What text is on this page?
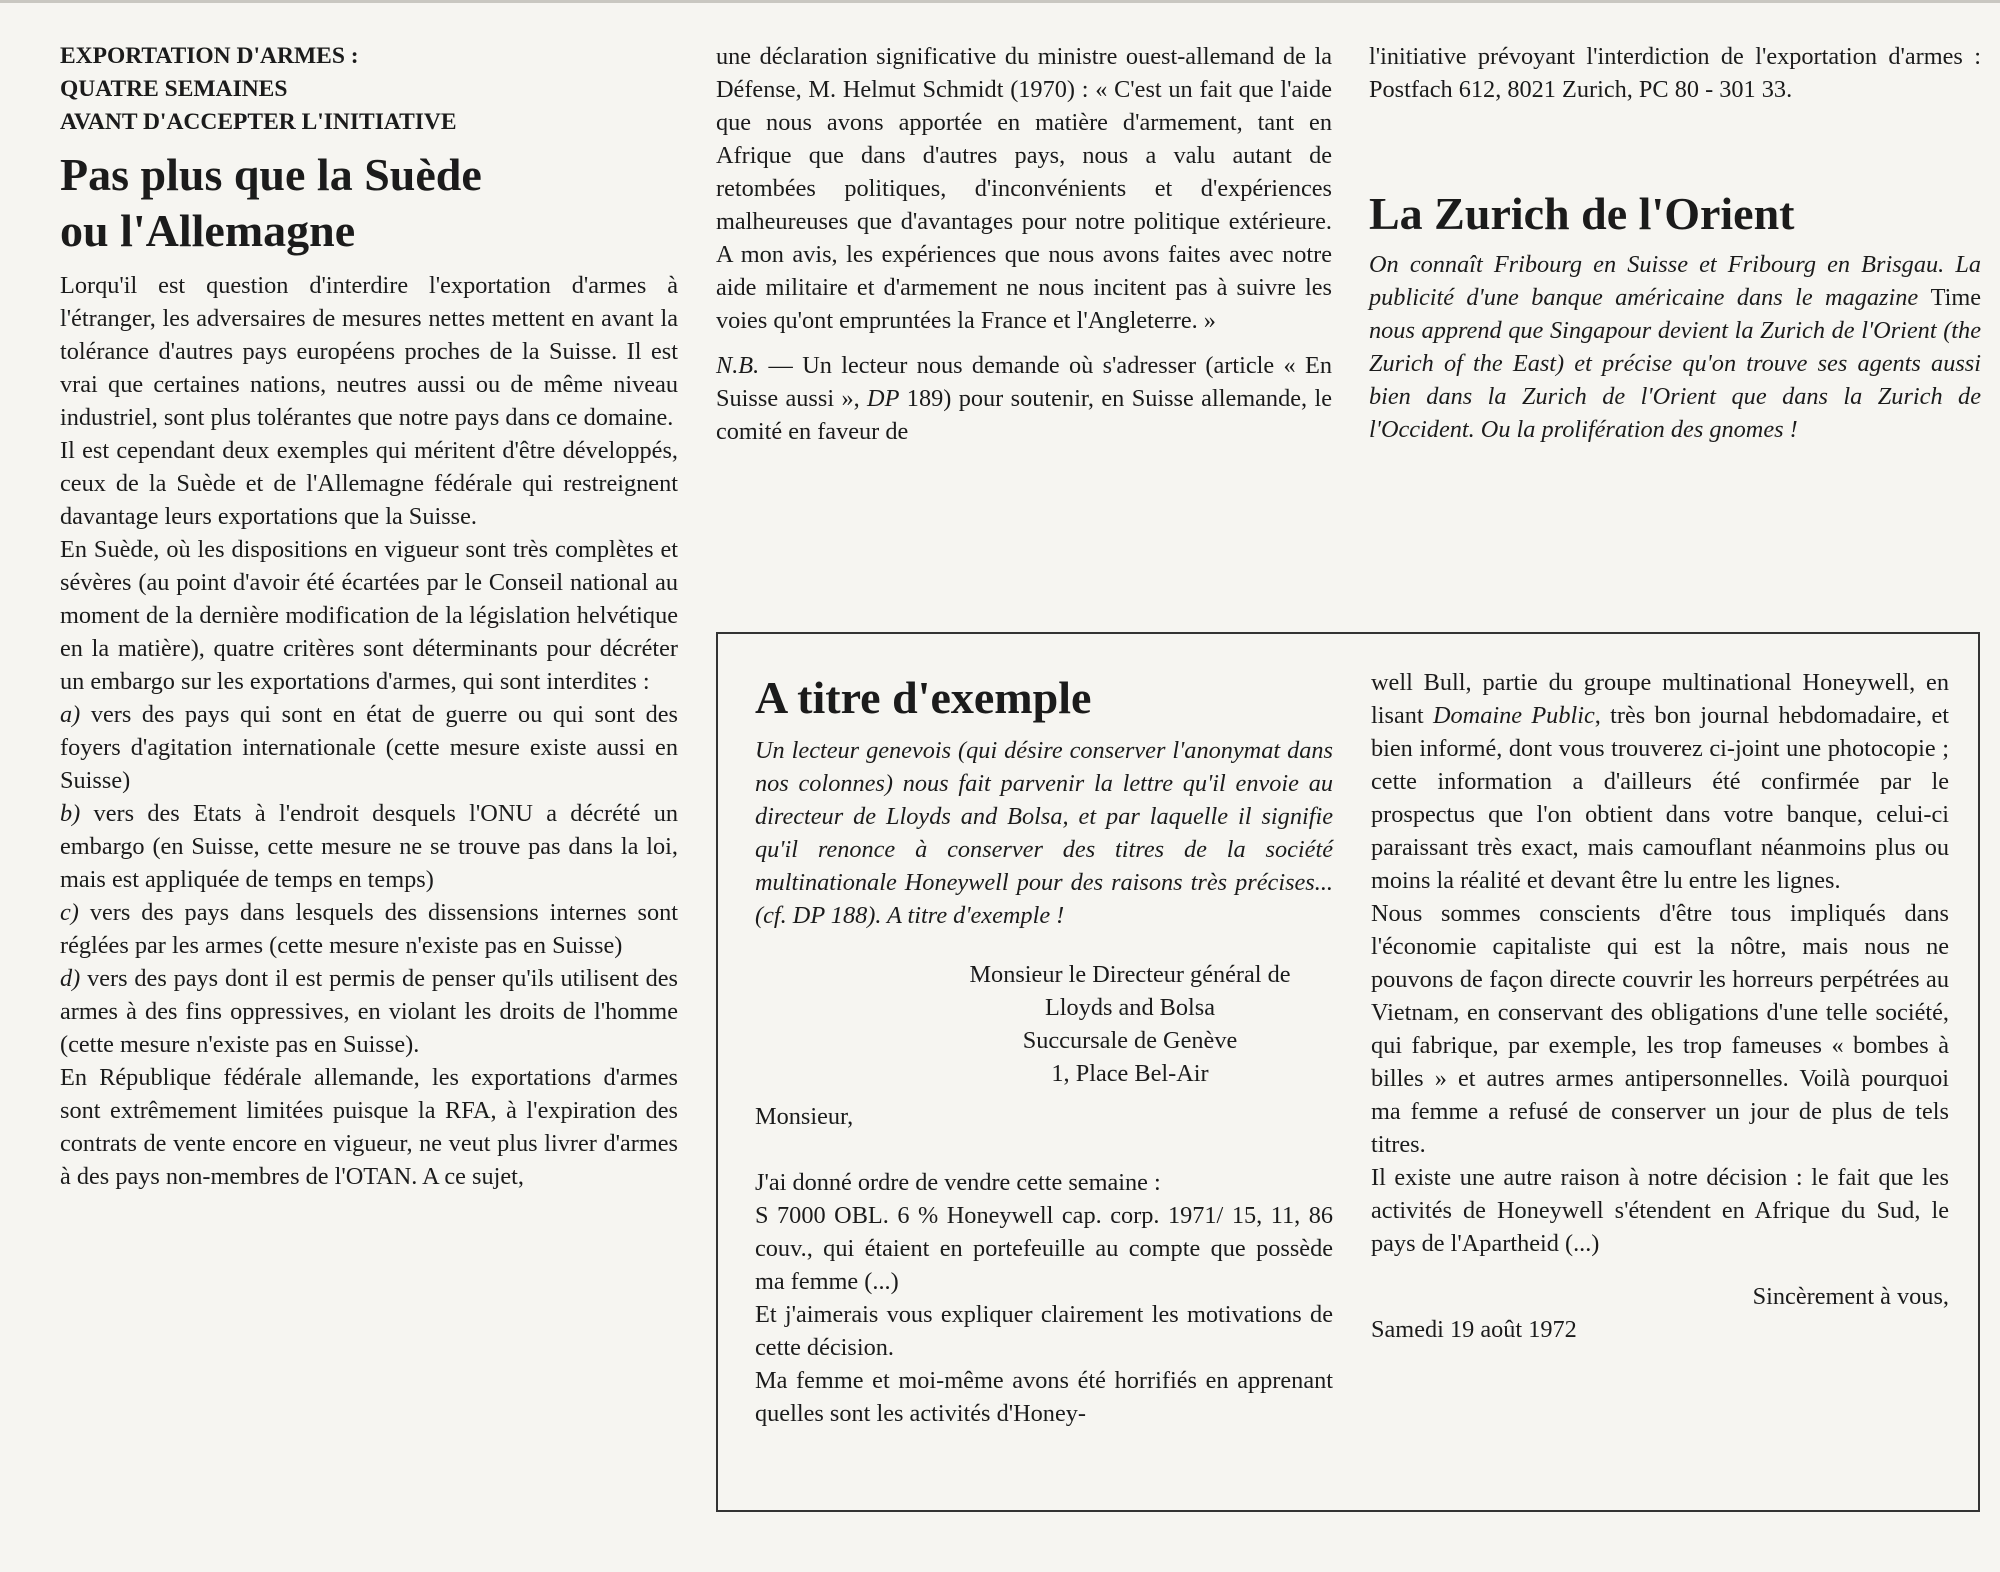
EXPORTATION D'ARMES :
QUATRE SEMAINES
AVANT D'ACCEPTER L'INITIATIVE
Pas plus que la Suède
ou l'Allemagne

Lorqu'il est question d'interdire l'exportation d'armes à l'étranger, les adversaires de mesures nettes mettent en avant la tolérance d'autres pays européens proches de la Suisse. Il est vrai que certaines nations, neutres aussi ou de même niveau industriel, sont plus tolérantes que notre pays dans ce domaine.

Il est cependant deux exemples qui méritent d'être développés, ceux de la Suède et de l'Allemagne fédérale qui restreignent davantage leurs exportations que la Suisse.

En Suède, où les dispositions en vigueur sont très complètes et sévères (au point d'avoir été écartées par le Conseil national au moment de la dernière modification de la législation helvétique en la matière), quatre critères sont déterminants pour décréter un embargo sur les exportations d'armes, qui sont interdites :

a) vers des pays qui sont en état de guerre ou qui sont des foyers d'agitation internationale (cette mesure existe aussi en Suisse)

b) vers des Etats à l'endroit desquels l'ONU a décrété un embargo (en Suisse, cette mesure ne se trouve pas dans la loi, mais est appliquée de temps en temps)

c) vers des pays dans lesquels des dissensions internes sont réglées par les armes (cette mesure n'existe pas en Suisse)

d) vers des pays dont il est permis de penser qu'ils utilisent des armes à des fins oppressives, en violant les droits de l'homme (cette mesure n'existe pas en Suisse).

En République fédérale allemande, les exportations d'armes sont extrêmement limitées puisque la RFA, à l'expiration des contrats de vente encore en vigueur, ne veut plus livrer d'armes à des pays non-membres de l'OTAN. A ce sujet,

une déclaration significative du ministre ouest-allemand de la Défense, M. Helmut Schmidt (1970) : « C'est un fait que l'aide que nous avons apportée en matière d'armement, tant en Afrique que dans d'autres pays, nous a valu autant de retombées politiques, d'inconvénients et d'expériences malheureuses que d'avantages pour notre politique extérieure. A mon avis, les expériences que nous avons faites avec notre aide militaire et d'armement ne nous incitent pas à suivre les voies qu'ont empruntées la France et l'Angleterre. »

N.B. — Un lecteur nous demande où s'adresser (article « En Suisse aussi », DP 189) pour soutenir, en Suisse allemande, le comité en faveur de

l'initiative prévoyant l'interdiction de l'exportation d'armes : Postfach 612, 8021 Zurich, PC 80 - 301 33.

La Zurich de l'Orient

On connaît Fribourg en Suisse et Fribourg en Brisgau. La publicité d'une banque américaine dans le magazine Time nous apprend que Singapour devient la Zurich de l'Orient (the Zurich of the East) et précise qu'on trouve ses agents aussi bien dans la Zurich de l'Orient que dans la Zurich de l'Occident. Ou la prolifération des gnomes !

A titre d'exemple

Un lecteur genevois (qui désire conserver l'anonymat dans nos colonnes) nous fait parvenir la lettre qu'il envoie au directeur de Lloyds and Bolsa, et par laquelle il signifie qu'il renonce à conserver des titres de la société multinationale Honeywell pour des raisons très précises... (cf. DP 188). A titre d'exemple !

Monsieur le Directeur général de

Lloyds and Bolsa

Succursale de Genève

1, Place Bel-Air

Monsieur,

J'ai donné ordre de vendre cette semaine :

S 7000 OBL. 6 % Honeywell cap. corp. 1971/ 15, 11, 86 couv., qui étaient en portefeuille au compte que possède ma femme (...)

Et j'aimerais vous expliquer clairement les motivations de cette décision.

Ma femme et moi-même avons été horrifiés en apprenant quelles sont les activités d'Honey-

well Bull, partie du groupe multinational Honeywell, en lisant Domaine Public, très bon journal hebdomadaire, et bien informé, dont vous trouverez ci-joint une photocopie ; cette information a d'ailleurs été confirmée par le prospectus que l'on obtient dans votre banque, celui-ci paraissant très exact, mais camouflant néanmoins plus ou moins la réalité et devant être lu entre les lignes.

Nous sommes conscients d'être tous impliqués dans l'économie capitaliste qui est la nôtre, mais nous ne pouvons de façon directe couvrir les horreurs perpétrées au Vietnam, en conservant des obligations d'une telle société, qui fabrique, par exemple, les trop fameuses « bombes à billes » et autres armes antipersonnelles. Voilà pourquoi ma femme a refusé de conserver un jour de plus de tels titres.

Il existe une autre raison à notre décision : le fait que les activités de Honeywell s'étendent en Afrique du Sud, le pays de l'Apartheid (...)

Sincèrement à vous,

Samedi 19 août 1972
